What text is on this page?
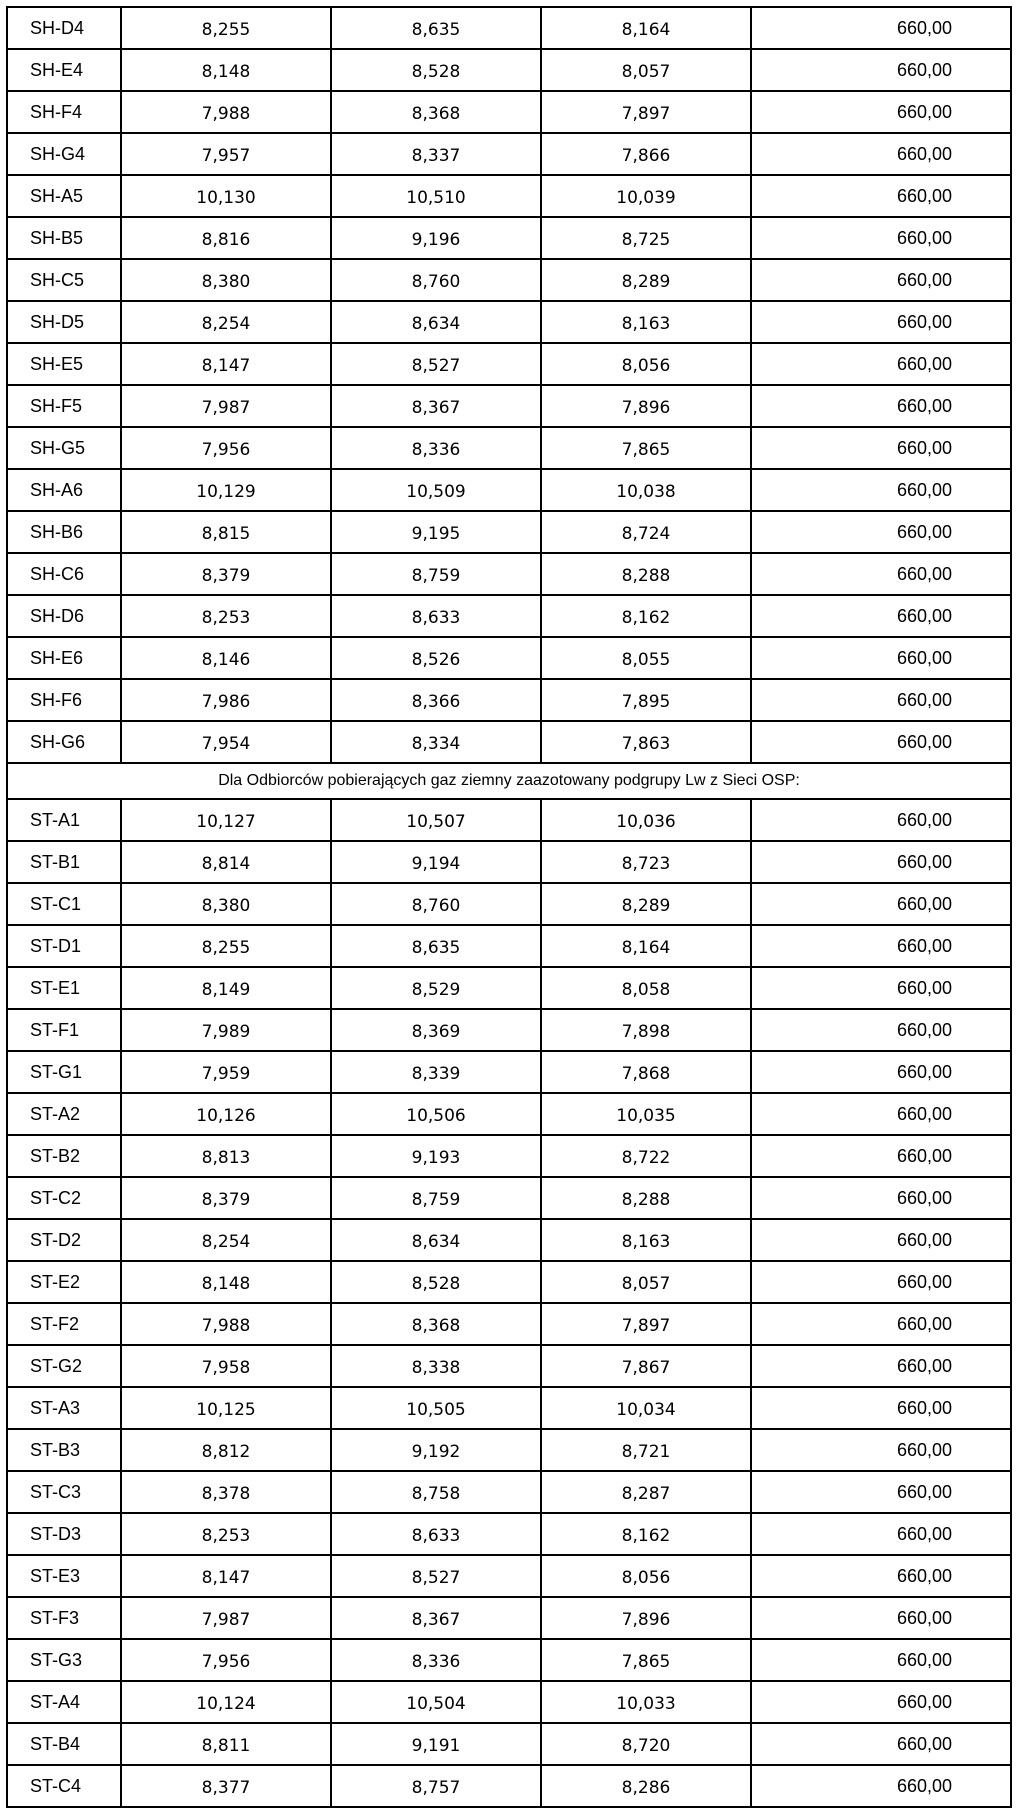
SH-D4	8,255	8,635	8,164	660,00
SH-E4	8,148	8,528	8,057	660,00
SH-F4	7,988	8,368	7,897	660,00
SH-G4	7,957	8,337	7,866	660,00
SH-A5	10,130	10,510	10,039	660,00
SH-B5	8,816	9,196	8,725	660,00
SH-C5	8,380	8,760	8,289	660,00
SH-D5	8,254	8,634	8,163	660,00
SH-E5	8,147	8,527	8,056	660,00
SH-F5	7,987	8,367	7,896	660,00
SH-G5	7,956	8,336	7,865	660,00
SH-A6	10,129	10,509	10,038	660,00
SH-B6	8,815	9,195	8,724	660,00
SH-C6	8,379	8,759	8,288	660,00
SH-D6	8,253	8,633	8,162	660,00
SH-E6	8,146	8,526	8,055	660,00
SH-F6	7,986	8,366	7,895	660,00
SH-G6	7,954	8,334	7,863	660,00
Dla Odbiorców pobierających gaz ziemny zaazotowany podgrupy Lw z Sieci OSP:				
ST-A1	10,127	10,507	10,036	660,00
ST-B1	8,814	9,194	8,723	660,00
ST-C1	8,380	8,760	8,289	660,00
ST-D1	8,255	8,635	8,164	660,00
ST-E1	8,149	8,529	8,058	660,00
ST-F1	7,989	8,369	7,898	660,00
ST-G1	7,959	8,339	7,868	660,00
ST-A2	10,126	10,506	10,035	660,00
ST-B2	8,813	9,193	8,722	660,00
ST-C2	8,379	8,759	8,288	660,00
ST-D2	8,254	8,634	8,163	660,00
ST-E2	8,148	8,528	8,057	660,00
ST-F2	7,988	8,368	7,897	660,00
ST-G2	7,958	8,338	7,867	660,00
ST-A3	10,125	10,505	10,034	660,00
ST-B3	8,812	9,192	8,721	660,00
ST-C3	8,378	8,758	8,287	660,00
ST-D3	8,253	8,633	8,162	660,00
ST-E3	8,147	8,527	8,056	660,00
ST-F3	7,987	8,367	7,896	660,00
ST-G3	7,956	8,336	7,865	660,00
ST-A4	10,124	10,504	10,033	660,00
ST-B4	8,811	9,191	8,720	660,00
ST-C4	8,377	8,757	8,286	660,00
